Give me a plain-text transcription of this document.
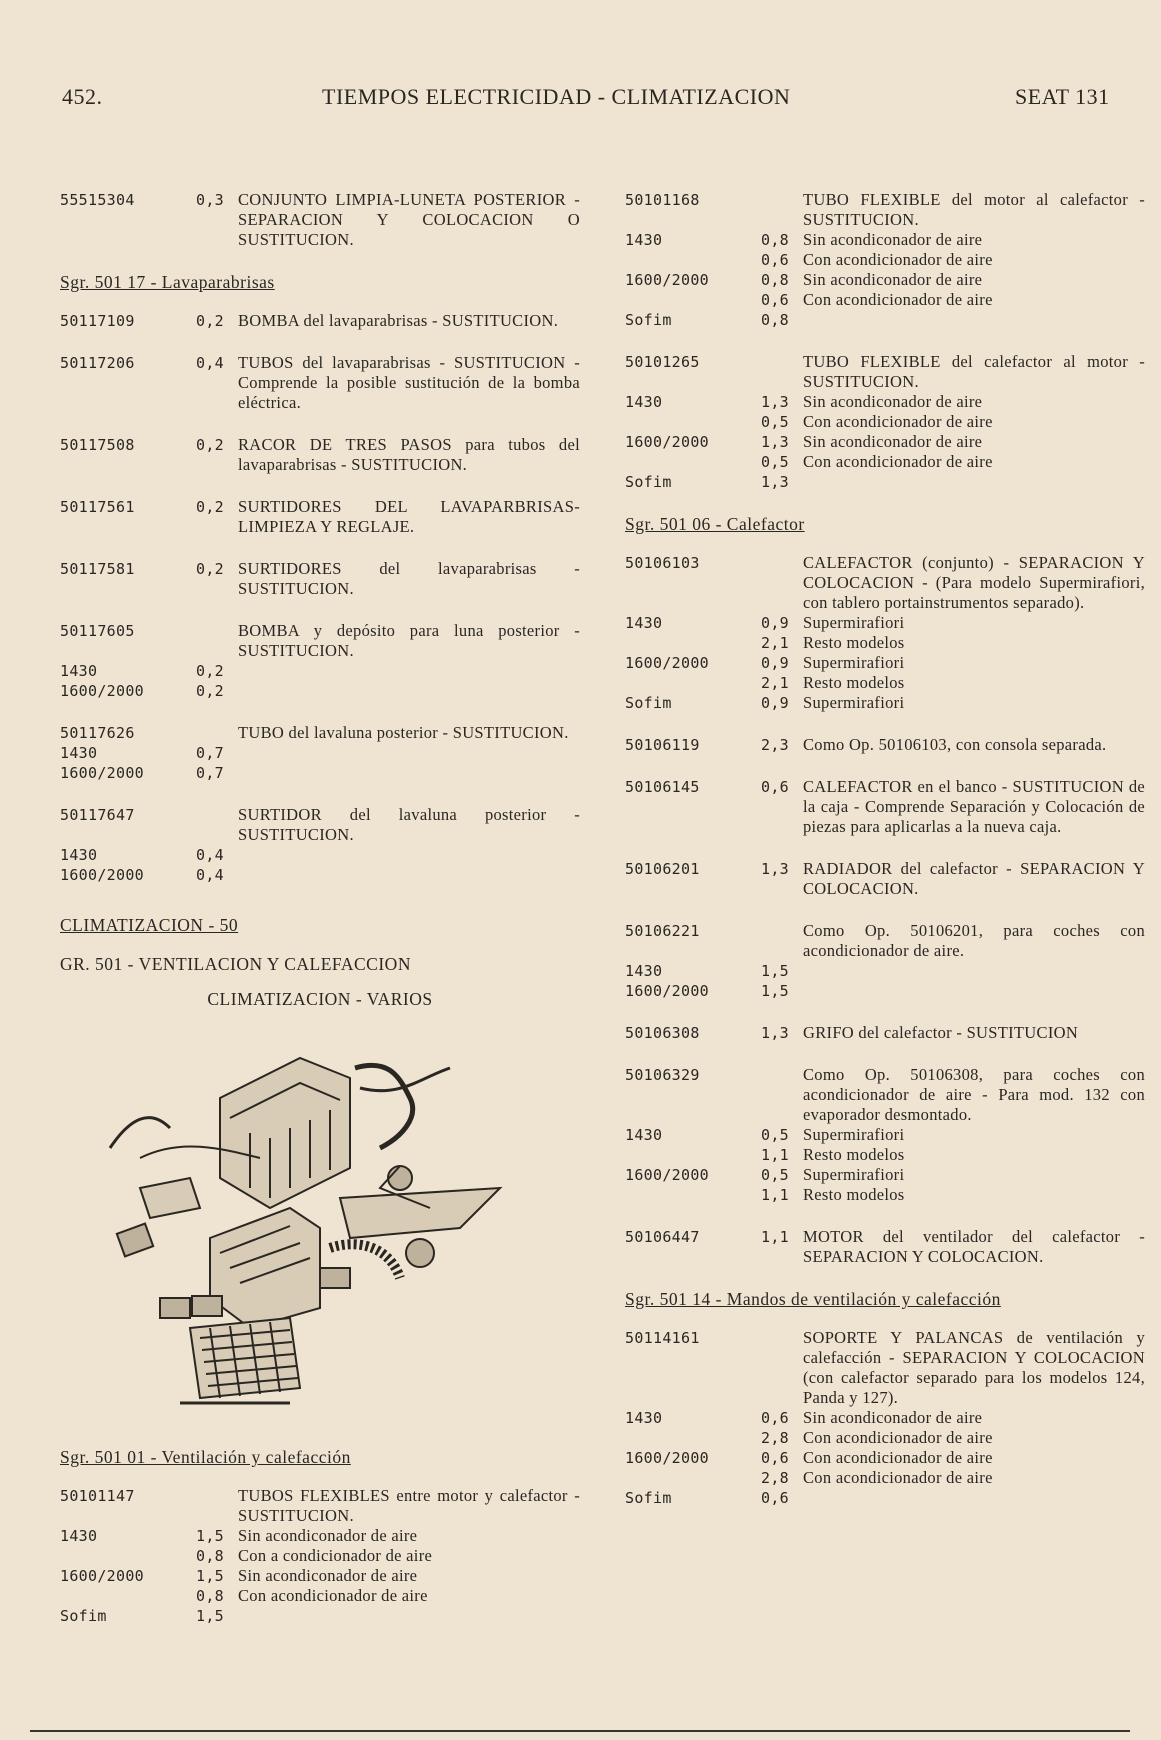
452.	TIEMPOS ELECTRICIDAD - CLIMATIZACION	SEAT 131
55515304	0,3 CONJUNTO LIMPIA-LUNETA POSTERIOR - SEPARACION Y COLOCACION O SUSTITUCION.
Sgr. 501 17 - Lavaparabrisas
50117109	0,2 BOMBA del lavaparabrisas - SUSTITUCION.
50117206	0,4 TUBOS del lavaparabrisas - SUSTITUCION - Comprende la posible sustitución de la bomba eléctrica.
50117508	0,2 RACOR DE TRES PASOS para tubos del lavaparabrisas - SUSTITUCION.
50117561	0,2 SURTIDORES DEL LAVAPARBRISAS- LIMPIEZA Y REGLAJE.
50117581	0,2 SURTIDORES del lavaparabrisas - SUSTITUCION.
50117605	BOMBA y depósito para luna posterior - SUSTITUCION.
1430	0,2
1600/2000	0,2
50117626	TUBO del lavaluna posterior - SUSTITUCION.
1430	0,7
1600/2000	0,7
50117647	SURTIDOR del lavaluna posterior - SUSTITUCION.
1430	0,4
1600/2000	0,4
CLIMATIZACION - 50
GR. 501 - VENTILACION Y CALEFACCION
CLIMATIZACION - VARIOS
Sgr. 501 01 - Ventilación y calefacción
50101147	TUBOS FLEXIBLES entre motor y calefactor - SUSTITUCION.
1430	1,5 Sin acondiconador de aire
0,8 Con a condicionador de aire
1600/2000	1,5 Sin acondiconador de aire
0,8 Con acondicionador de aire
Sofim	1,5
50101168	TUBO FLEXIBLE del motor al calefactor - SUSTITUCION.
1430	0,8 Sin acondiconador de aire
0,6 Con acondicionador de aire
1600/2000	0,8 Sin acondiconador de aire
0,6 Con acondicionador de aire
Sofim	0,8
50101265	TUBO FLEXIBLE del calefactor al motor - SUSTITUCION.
1430	1,3 Sin acondiconador de aire
0,5 Con acondicionador de aire
1600/2000	1,3 Sin acondiconador de aire
0,5 Con acondicionador de aire
Sofim	1,3
Sgr. 501 06 - Calefactor
50106103	CALEFACTOR (conjunto) - SEPARACION Y COLOCACION - (Para modelo Supermirafiori, con tablero portainstrumentos separado).
1430	0,9 Supermirafiori
2,1 Resto modelos
1600/2000	0,9 Supermirafiori
2,1 Resto modelos
Sofim	0,9 Supermirafiori
50106119	2,3 Como Op. 50106103, con consola separada.
50106145	0,6 CALEFACTOR en el banco - SUSTITUCION de la caja - Comprende Separación y Colocación de piezas para aplicarlas a la nueva caja.
50106201	1,3 RADIADOR del calefactor - SEPARACION Y COLOCACION.
50106221	Como Op. 50106201, para coches con acondicionador de aire.
1430	1,5
1600/2000	1,5
50106308	1,3 GRIFO del calefactor - SUSTITUCION
50106329	Como Op. 50106308, para coches con acondicionador de aire - Para mod. 132 con evaporador desmontado.
1430	0,5 Supermirafiori
1,1 Resto modelos
1600/2000	0,5 Supermirafiori
1,1 Resto modelos
50106447	1,1 MOTOR del ventilador del calefactor - SEPARACION Y COLOCACION.
Sgr. 501 14 - Mandos de ventilación y calefacción
50114161	SOPORTE Y PALANCAS de ventilación y calefacción - SEPARACION Y COLOCACION (con calefactor separado para los modelos 124, Panda y 127).
1430	0,6 Sin acondiconador de aire
2,8 Con acondicionador de aire
1600/2000	0,6 Con acondicionador de aire
2,8 Con acondicionador de aire
Sofim	0,6
